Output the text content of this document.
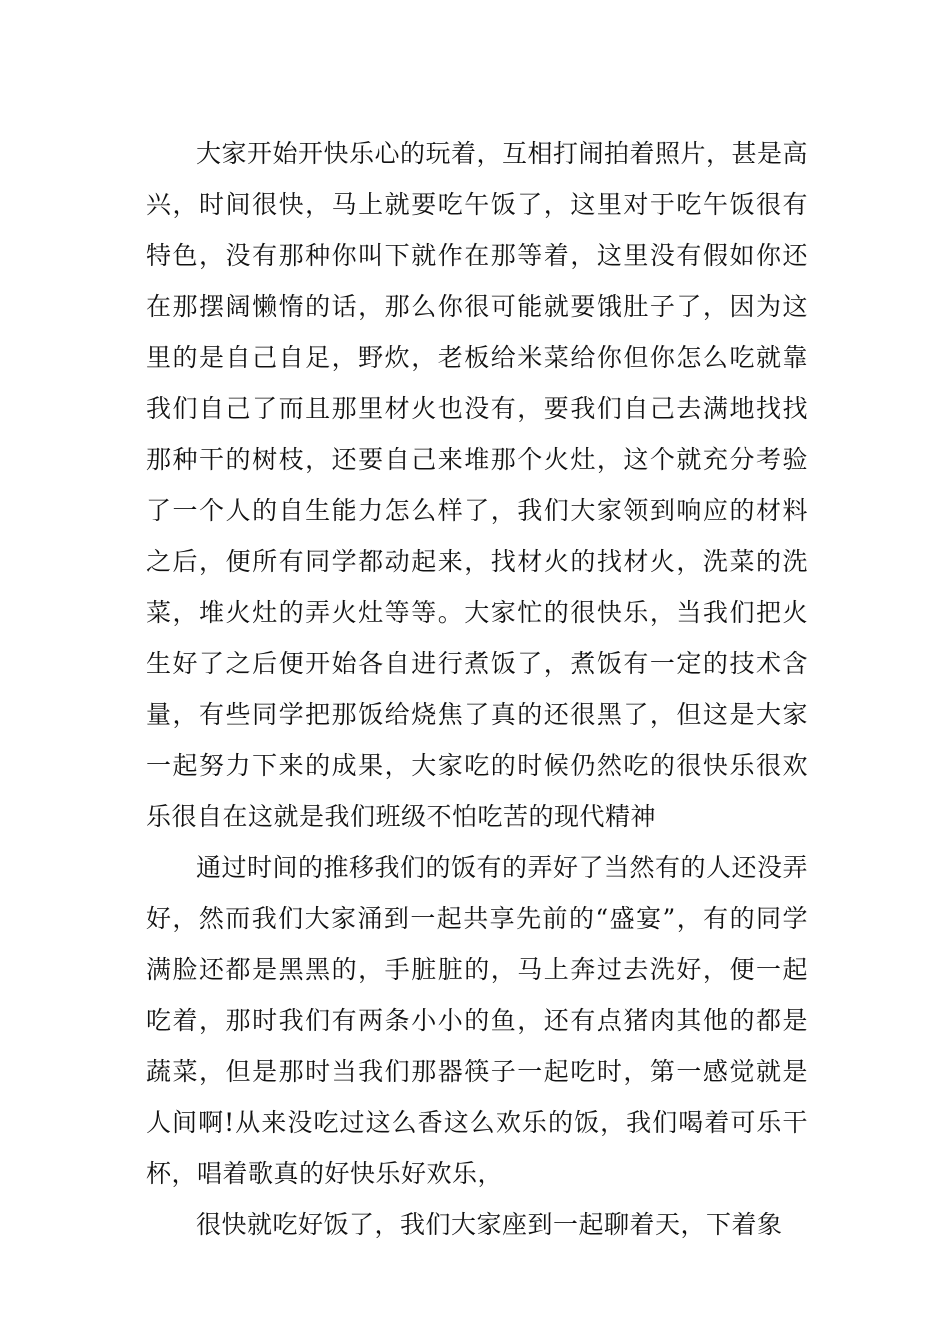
大家开始开快乐心的玩着，互相打闹拍着照片，甚是高兴，时间很快，马上就要吃午饭了，这里对于吃午饭很有特色，没有那种你叫下就作在那等着，这里没有假如你还在那摆阔懒惰的话，那么你很可能就要饿肚子了，因为这里的是自己自足，野炊，老板给米菜给你但你怎么吃就靠我们自己了而且那里材火也没有，要我们自己去满地找找那种干的树枝，还要自己来堆那个火灶，这个就充分考验了一个人的自生能力怎么样了，我们大家领到响应的材料之后，便所有同学都动起来，找材火的找材火，洗菜的洗菜，堆火灶的弄火灶等等。大家忙的很快乐，当我们把火生好了之后便开始各自进行煮饭了，煮饭有一定的技术含量，有些同学把那饭给烧焦了真的还很黑了，但这是大家一起努力下来的成果，大家吃的时候仍然吃的很快乐很欢乐很自在这就是我们班级不怕吃苦的现代精神

通过时间的推移我们的饭有的弄好了当然有的人还没弄好，然而我们大家涌到一起共享先前的“盛宴”，有的同学满脸还都是黑黑的，手脏脏的，马上奔过去洗好，便一起吃着，那时我们有两条小小的鱼，还有点猪肉其他的都是蔬菜，但是那时当我们那器筷子一起吃时，第一感觉就是人间啊!从来没吃过这么香这么欢乐的饭，我们喝着可乐干杯，唱着歌真的好快乐好欢乐，

很快就吃好饭了，我们大家座到一起聊着天，下着象
